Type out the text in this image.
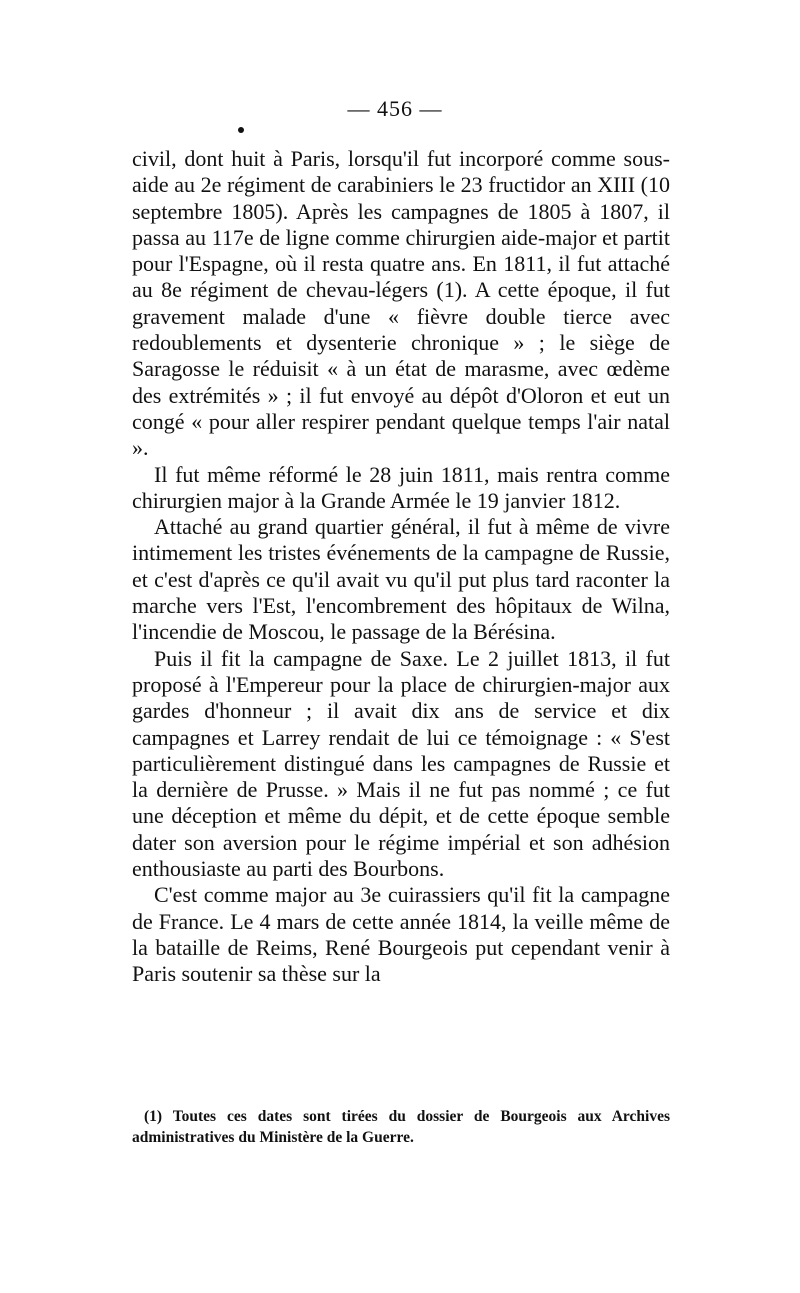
— 456 —

civil, dont huit à Paris, lorsqu'il fut incorporé comme sous-aide au 2e régiment de carabiniers le 23 fructidor an XIII (10 septembre 1805). Après les campagnes de 1805 à 1807, il passa au 117e de ligne comme chirurgien aide-major et partit pour l'Espagne, où il resta quatre ans. En 1811, il fut attaché au 8e régiment de chevau-légers (1). A cette époque, il fut gravement malade d'une « fièvre double tierce avec redoublements et dysenterie chronique » ; le siège de Saragosse le réduisit « à un état de marasme, avec œdème des extrémités » ; il fut envoyé au dépôt d'Oloron et eut un congé « pour aller respirer pendant quelque temps l'air natal ».

Il fut même réformé le 28 juin 1811, mais rentra comme chirurgien major à la Grande Armée le 19 janvier 1812.

Attaché au grand quartier général, il fut à même de vivre intimement les tristes événements de la campagne de Russie, et c'est d'après ce qu'il avait vu qu'il put plus tard raconter la marche vers l'Est, l'encombrement des hôpitaux de Wilna, l'incendie de Moscou, le passage de la Bérésina.

Puis il fit la campagne de Saxe. Le 2 juillet 1813, il fut proposé à l'Empereur pour la place de chirurgien-major aux gardes d'honneur ; il avait dix ans de service et dix campagnes et Larrey rendait de lui ce témoignage : « S'est particulièrement distingué dans les campagnes de Russie et la dernière de Prusse. » Mais il ne fut pas nommé ; ce fut une déception et même du dépit, et de cette époque semble dater son aversion pour le régime impérial et son adhésion enthousiaste au parti des Bourbons.

C'est comme major au 3e cuirassiers qu'il fit la campagne de France. Le 4 mars de cette année 1814, la veille même de la bataille de Reims, René Bourgeois put cependant venir à Paris soutenir sa thèse sur la

(1) Toutes ces dates sont tirées du dossier de Bourgeois aux Archives administratives du Ministère de la Guerre.
